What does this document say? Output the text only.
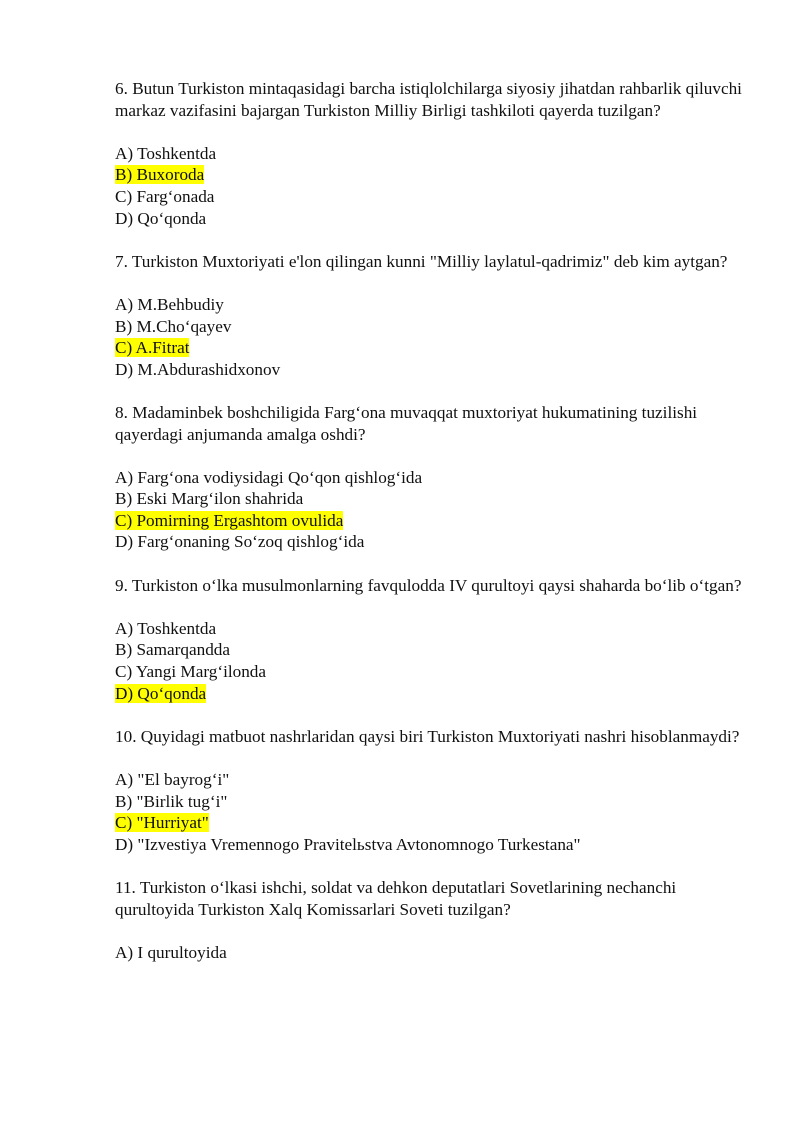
6. Butun Turkiston mintaqasidagi barcha istiqlolchilarga siyosiy jihatdan rahbarlik qiluvchi markaz vazifasini bajargan Turkiston Milliy Birligi tashkiloti qayerda tuzilgan?
A) Toshkentda
B) Buxoroda
C) Farg‘onada
D) Qo‘qonda
7. Turkiston Muxtoriyati e'lon qilingan kunni "Milliy laylatul-qadrimiz" deb kim aytgan?
A) M.Behbudiy
B) M.Cho‘qayev
C) A.Fitrat
D) M.Abdurashidxonov
8. Madaminbek boshchiligida Farg‘ona muvaqqat muxtoriyat hukumatining tuzilishi qayerdagi anjumanda amalga oshdi?
A) Farg‘ona vodiysidagi Qo‘qon qishlog‘ida
B) Eski Marg‘ilon shahrida
C) Pomirning Ergashtom ovulida
D) Farg‘onaning So‘zoq qishlog‘ida
9. Turkiston o‘lka musulmonlarning favqulodda IV qurultoyi qaysi shaharda bo‘lib o‘tgan?
A) Toshkentda
B) Samarqandda
C) Yangi Marg‘ilonda
D) Qo‘qonda
10. Quyidagi matbuot nashrlaridan qaysi biri Turkiston Muxtoriyati nashri hisoblanmaydi?
A) "El bayrog‘i"
B) "Birlik tug‘i"
C) "Hurriyat"
D) "Izvestiya Vremennogo Pravitelьstva Avtonomnogo Turkestana"
11. Turkiston o‘lkasi ishchi, soldat va dehkon deputatlari Sovetlarining nechanchi qurultoyida Turkiston Xalq Komissarlari Soveti tuzilgan?
A) I qurultoyida
